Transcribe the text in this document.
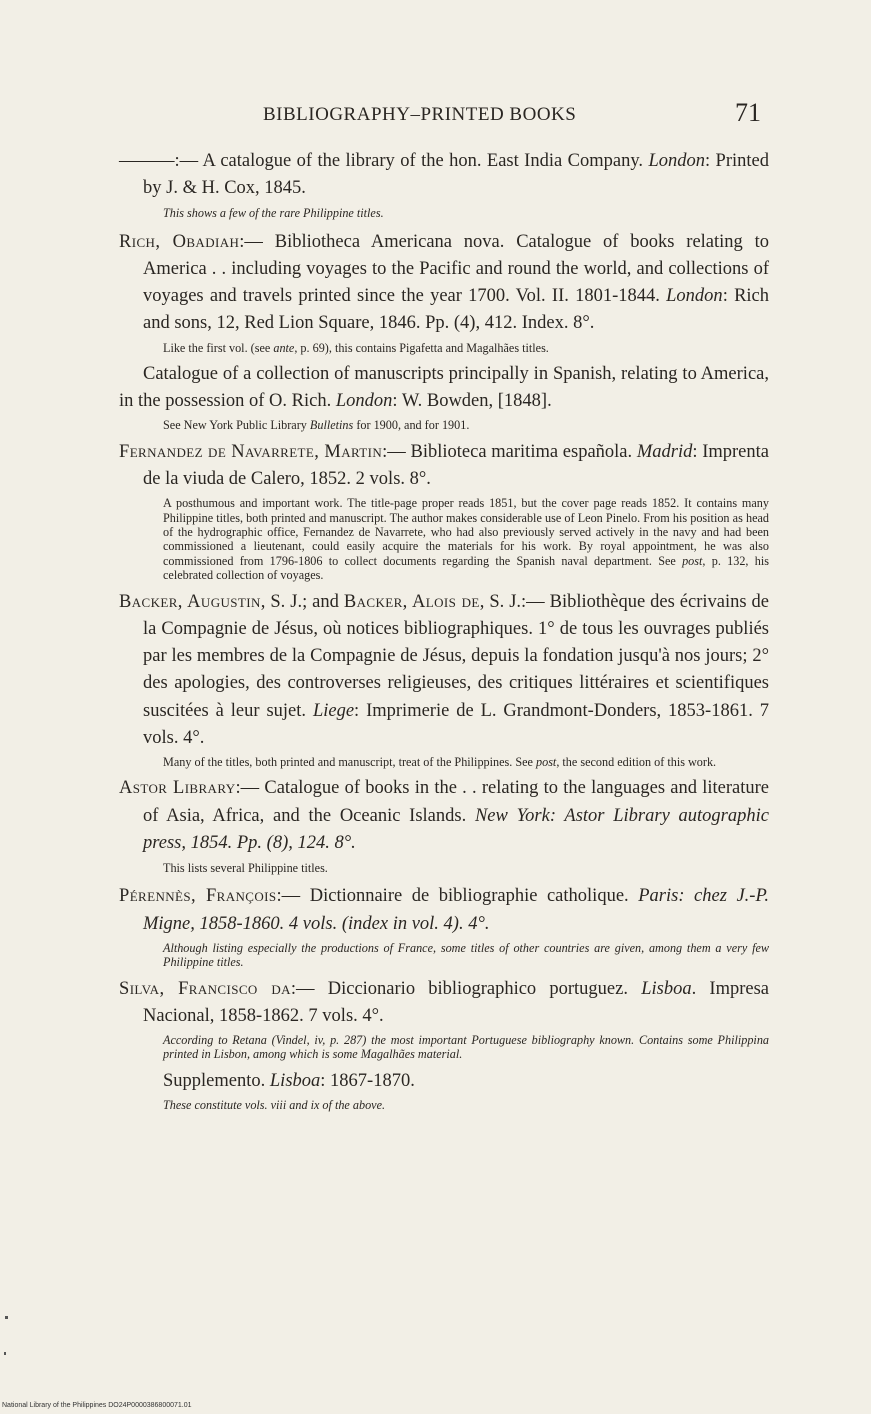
BIBLIOGRAPHY–PRINTED BOOKS	71

———:— A catalogue of the library of the hon. East India Company. London: Printed by J. & H. Cox, 1845.

This shows a few of the rare Philippine titles.

Rich, Obadiah:— Bibliotheca Americana nova. Catalogue of books relating to America . . including voyages to the Pacific and round the world, and collections of voyages and travels printed since the year 1700. Vol. II. 1801-1844. London: Rich and sons, 12, Red Lion Square, 1846. Pp. (4), 412. Index. 8°.

Like the first vol. (see ante, p. 69), this contains Pigafetta and Magalhães titles.

Catalogue of a collection of manuscripts principally in Spanish, relating to America, in the possession of O. Rich. London: W. Bowden, [1848].

See New York Public Library Bulletins for 1900, and for 1901.

Fernandez de Navarrete, Martin:— Biblioteca maritima española. Madrid: Imprenta de la viuda de Calero, 1852. 2 vols. 8°.

A posthumous and important work. The title-page proper reads 1851, but the cover page reads 1852. It contains many Philippine titles, both printed and manuscript. The author makes considerable use of Leon Pinelo. From his position as head of the hydrographic office, Fernandez de Navarrete, who had also previously served actively in the navy and had been commissioned a lieutenant, could easily acquire the materials for his work. By royal appointment, he was also commissioned from 1796-1806 to collect documents regarding the Spanish naval department. See post, p. 132, his celebrated collection of voyages.

Backer, Augustin, S. J.; and Backer, Alois de, S. J.:— Bibliothèque des écrivains de la Compagnie de Jésus, où notices bibliographiques. 1° de tous les ouvrages publiés par les membres de la Compagnie de Jésus, depuis la fondation jusqu'à nos jours; 2° des apologies, des controverses religieuses, des critiques littéraires et scientifiques suscitées à leur sujet. Liege: Imprimerie de L. Grandmont-Donders, 1853-1861. 7 vols. 4°.

Many of the titles, both printed and manuscript, treat of the Philippines. See post, the second edition of this work.

Astor Library:— Catalogue of books in the . . relating to the languages and literature of Asia, Africa, and the Oceanic Islands. New York: Astor Library autographic press, 1854. Pp. (8), 124. 8°.

This lists several Philippine titles.

Pérennès, François:— Dictionnaire de bibliographie catholique. Paris: chez J.-P. Migne, 1858-1860. 4 vols. (index in vol. 4). 4°.

Although listing especially the productions of France, some titles of other countries are given, among them a very few Philippine titles.

Silva, Francisco da:— Diccionario bibliographico portuguez. Lisboa. Impresa Nacional, 1858-1862. 7 vols. 4°.

According to Retana (Vindel, iv, p. 287) the most important Portuguese bibliography known. Contains some Philippina printed in Lisbon, among which is some Magalhães material.

Supplemento. Lisboa: 1867-1870.

These constitute vols. viii and ix of the above.

National Library of the Philippines DO24P0000386800071.01
